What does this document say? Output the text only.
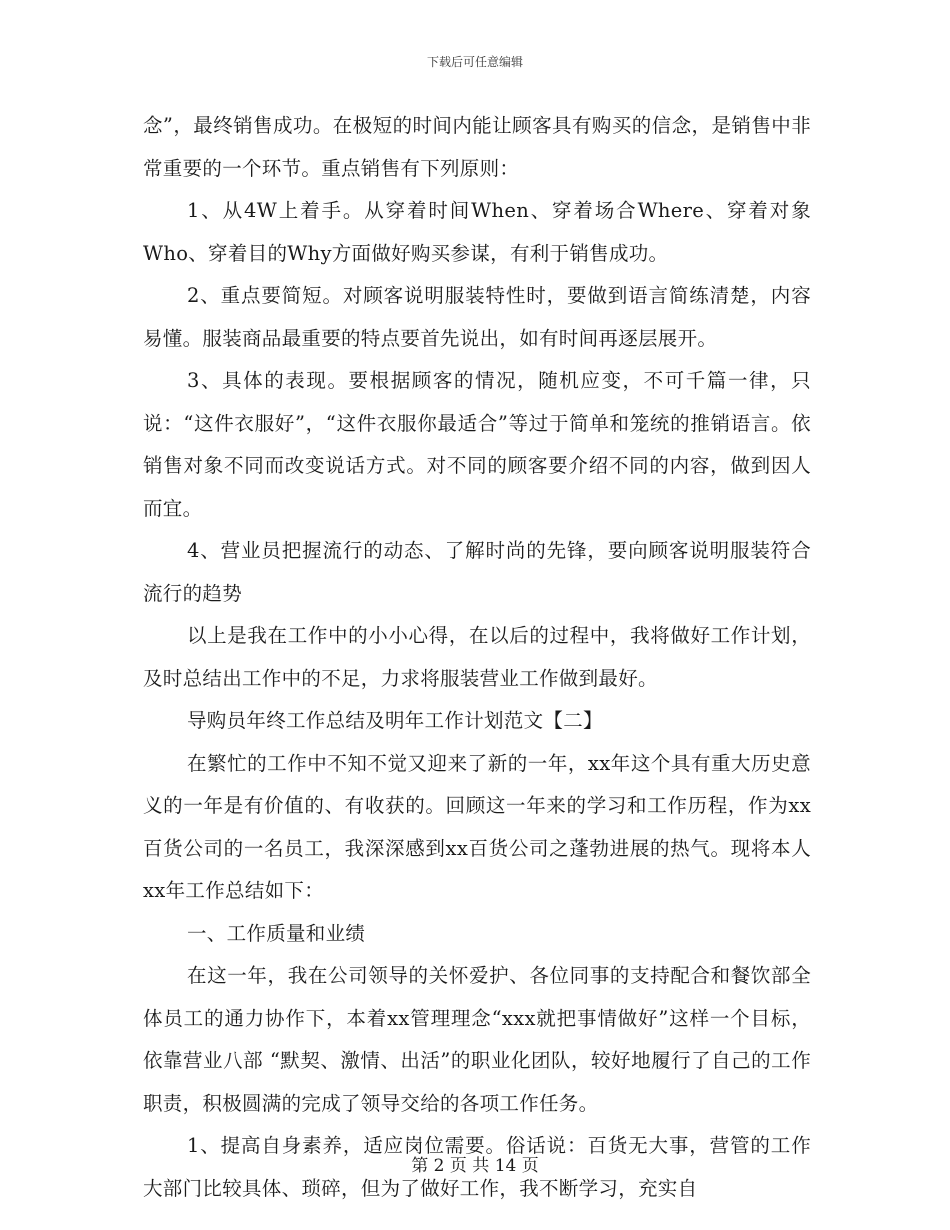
下载后可任意编辑

念”，最终销售成功。在极短的时间内能让顾客具有购买的信念，是销售中非常重要的一个环节。重点销售有下列原则：

1、从4W上着手。从穿着时间When、穿着场合Where、穿着对象Who、穿着目的Why方面做好购买参谋，有利于销售成功。

2、重点要简短。对顾客说明服装特性时，要做到语言简练清楚，内容易懂。服装商品最重要的特点要首先说出，如有时间再逐层展开。

3、具体的表现。要根据顾客的情况，随机应变，不可千篇一律，只说：“这件衣服好”，“这件衣服你最适合”等过于简单和笼统的推销语言。依销售对象不同而改变说话方式。对不同的顾客要介绍不同的内容，做到因人而宜。

4、营业员把握流行的动态、了解时尚的先锋，要向顾客说明服装符合流行的趋势

以上是我在工作中的小小心得，在以后的过程中，我将做好工作计划，及时总结出工作中的不足，力求将服装营业工作做到最好。

导购员年终工作总结及明年工作计划范文【二】

在繁忙的工作中不知不觉又迎来了新的一年，xx年这个具有重大历史意义的一年是有价值的、有收获的。回顾这一年来的学习和工作历程，作为xx百货公司的一名员工，我深深感到xx百货公司之蓬勃进展的热气。现将本人xx年工作总结如下：

一、工作质量和业绩

在这一年，我在公司领导的关怀爱护、各位同事的支持配合和餐饮部全体员工的通力协作下，本着xx管理理念“xxx就把事情做好”这样一个目标，依靠营业八部 “默契、激情、出活”的职业化团队，较好地履行了自己的工作职责，积极圆满的完成了领导交给的各项工作任务。

1、提高自身素养，适应岗位需要。俗话说：百货无大事，营管的工作大部门比较具体、琐碎，但为了做好工作，我不断学习，充实自

第 2 页 共 14 页
